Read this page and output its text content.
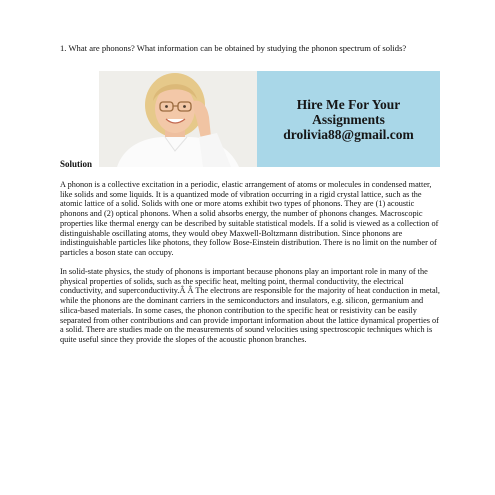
1. What are phonons? What information can be obtained by studying the phonon spectrum of solids?
Hire Me For Your
Assignments
drolivia88@gmail.com
Solution

A phonon is a collective excitation in a periodic, elastic arrangement of atoms or molecules in condensed matter, like solids and some liquids. It is a quantized mode of vibration occurring in a rigid crystal lattice, such as the atomic lattice of a solid. Solids with one or more atoms exhibit two types of phonons. They are (1) acoustic phonons and (2) optical phonons. When a solid absorbs energy, the number of phonons changes. Macroscopic properties like thermal energy can be described by suitable statistical models. If a solid is viewed as a collection of distinguishable oscillating atoms, they would obey Maxwell-Boltzmann distribution. Since phonons are indistinguishable particles like photons, they follow Bose-Einstein distribution. There is no limit on the number of particles a boson state can occupy.

In solid-state physics, the study of phonons is important because phonons play an important role in many of the physical properties of solids, such as the specific heat, melting point, thermal conductivity, the electrical conductivity, and superconductivity.Â Â The electrons are responsible for the majority of heat conduction in metal, while the phonons are the dominant carriers in the semiconductors and insulators, e.g. silicon, germanium and silica-based materials. In some cases, the phonon contribution to the specific heat or resistivity can be easily separated from other contributions and can provide important information about the lattice dynamical properties of a solid. There are studies made on the measurements of sound velocities using spectroscopic techniques which is quite useful since they provide the slopes of the acoustic phonon branches.
